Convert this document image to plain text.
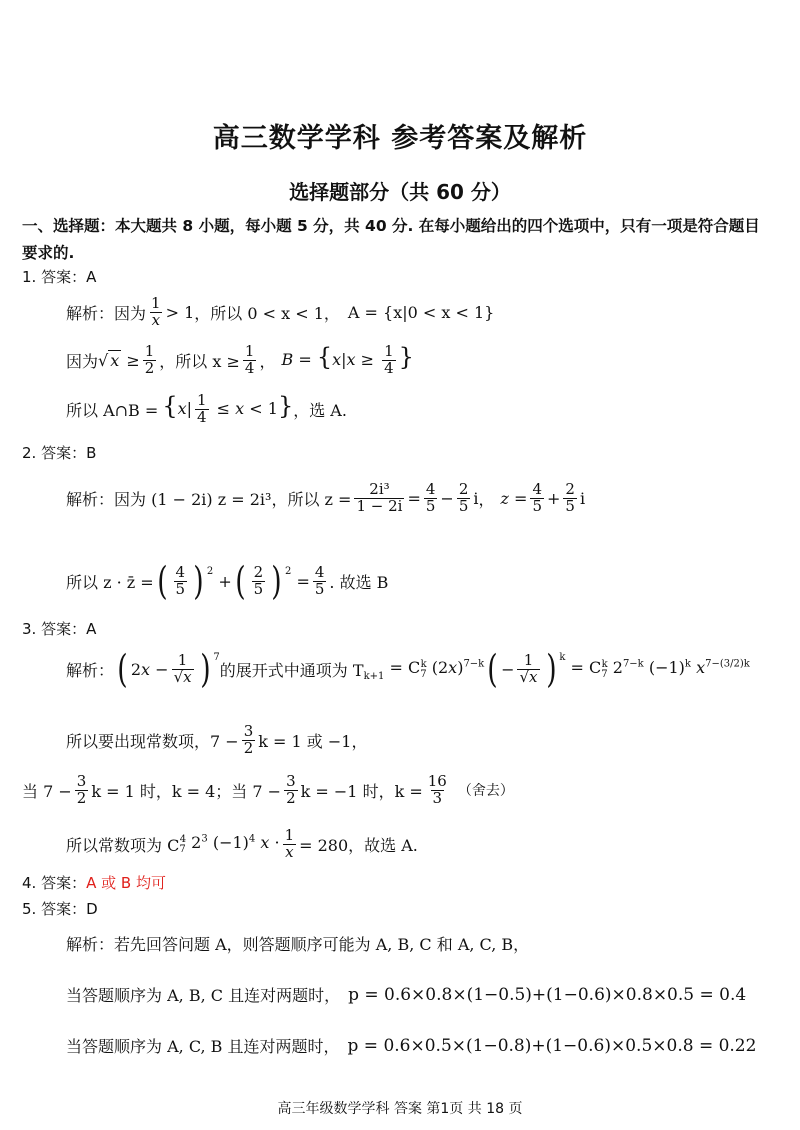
高三数学学科 参考答案及解析
选择题部分（共 60 分）
一、选择题：本大题共 8 小题，每小题 5 分，共 40 分. 在每小题给出的四个选项中，只有一项是符合题目要求的.
1. 答案：A
解析： 因为 $\frac{1}{x} > 1$ ，所以 0 < x < 1， A = {x|0 < x < 1}
因为 √ $x \ge \frac{1}{2}$ ，所以 $x \ge \frac{1}{4}$ ， $B = \{x|x \ge \frac{1}{4}$ }
所以 A∩B = $\{x| \frac{1}{4} \le x < 1\}$ ，选 A.
2. 答案：B
解析： 因为 (1 − 2i) z = 2i³，所以 $z = \frac{\text{2i³}}{1 - 2i} = \frac{4}{5} - \frac{2}{5}$ i ， $z = \frac{4}{5} + \frac{2}{5}$ i
所以 z · z̄ = ( $\frac{4}{5}$ ) $^2$
+ ( $\frac{2}{5}$ ) $^2$
= $\frac{4}{5}$ . 故选 B
3. 答案：A
解析： ( $2x - \frac{1}{√x}$ ) $^7$
的展开式中通项为 $T_{k+1} = C_7^k$ $(2x)^{7-k}$ ( − $\frac{1}{√x}$ ) $^k$
= $C_7^k$ $2^{7-k}$ $(-1)^k$ $x^{7-(3/2)k}$
所以要出现常数项，$7 - \frac{3}{2}$ k = 1 或 −1，
当 $7 - \frac{3}{2}$ k = 1 时，k = 4；当 $7 - \frac{3}{2}$ k = −1 时，$k = \frac{16}{3}$ （舍去）
所以常数项为 C $_7^4$ $2^3$ $(-1)^4$ $x \cdot \frac{1}{x} = 280$，故选 A.
4. 答案： A 或 B 均可
5. 答案：D
解析： 若先回答问题 A，则答题顺序可能为 A, B, C 和 A, C, B，
当答题顺序为 A, B, C 且连对两题时， p = 0.6×0.8×(1−0.5)+(1−0.6)×0.8×0.5 = 0.4
当答题顺序为 A, C, B 且连对两题时， p = 0.6×0.5×(1−0.8)+(1−0.6)×0.5×0.8 = 0.22
高三年级数学学科 答案 第1页 共 18 页
